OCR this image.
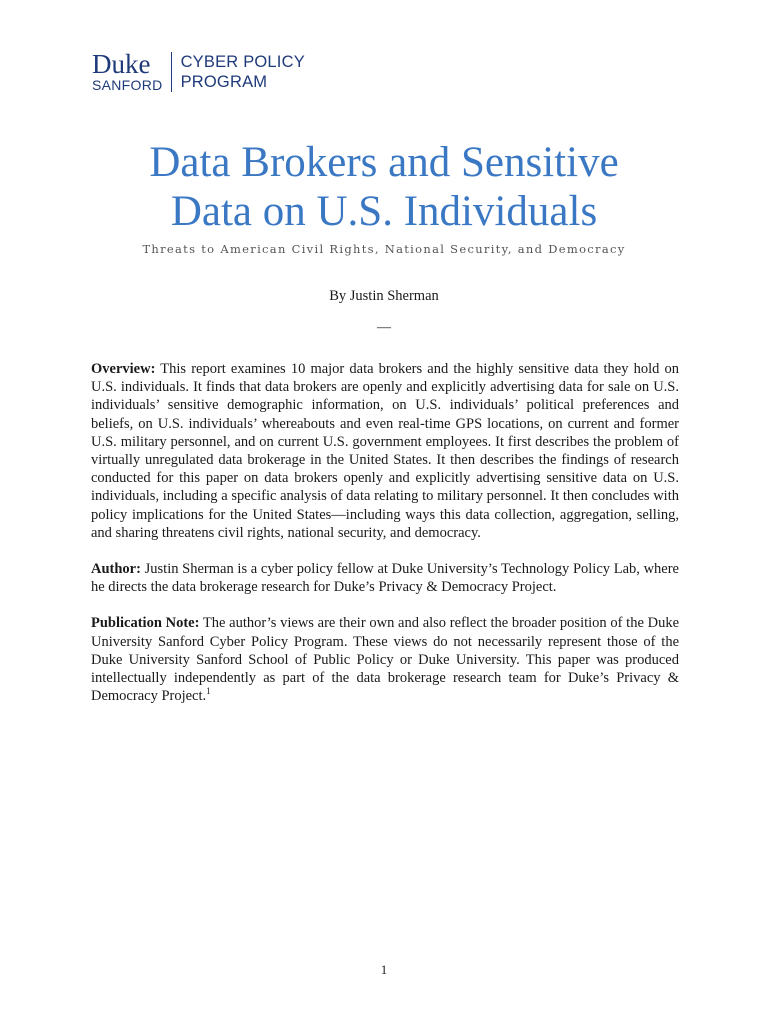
Duke
SANFORD
CYBER POLICY
PROGRAM
Data Brokers and Sensitive
Data on U.S. Individuals
Threats to American Civil Rights, National Security, and Democracy
By Justin Sherman
—

Overview: This report examines 10 major data brokers and the highly sensitive data they hold on U.S. individuals. It finds that data brokers are openly and explicitly advertising data for sale on U.S. individuals’ sensitive demographic information, on U.S. individuals’ political preferences and beliefs, on U.S. individuals’ whereabouts and even real-time GPS locations, on current and former U.S. military personnel, and on current U.S. government employees. It first describes the problem of virtually unregulated data brokerage in the United States. It then describes the findings of research conducted for this paper on data brokers openly and explicitly advertising sensitive data on U.S. individuals, including a specific analysis of data relating to military personnel. It then concludes with policy implications for the United States—including ways this data collection, aggregation, selling, and sharing threatens civil rights, national security, and democracy.

Author: Justin Sherman is a cyber policy fellow at Duke University’s Technology Policy Lab, where he directs the data brokerage research for Duke’s Privacy & Democracy Project.

Publication Note: The author’s views are their own and also reflect the broader position of the Duke University Sanford Cyber Policy Program. These views do not necessarily represent those of the Duke University Sanford School of Public Policy or Duke University. This paper was produced intellectually independently as part of the data brokerage research team for Duke’s Privacy & Democracy Project.$^1$

1
